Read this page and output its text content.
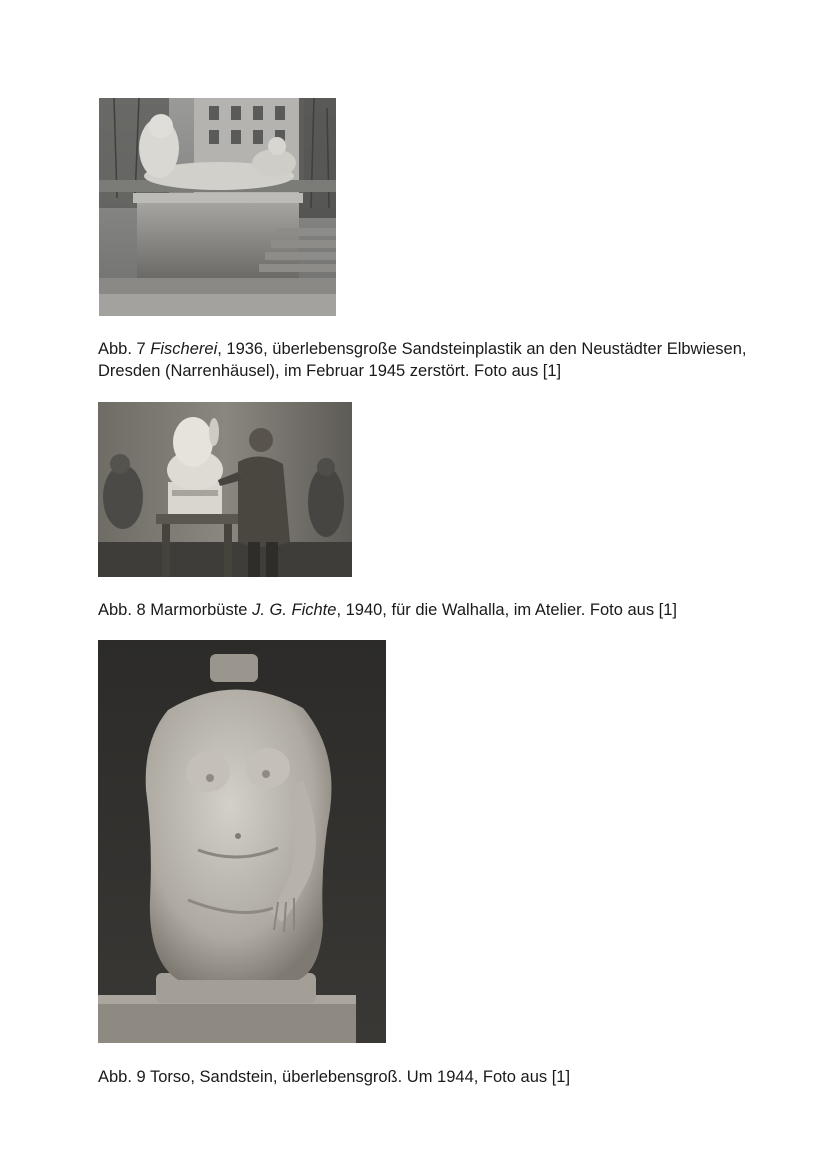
Abb. 7 Fischerei, 1936, überlebensgroße Sandsteinplastik an den Neustädter Elbwiesen, Dresden (Narrenhäusel), im Februar 1945 zerstört. Foto aus [1]

Abb. 8 Marmorbüste J. G. Fichte, 1940, für die Walhalla, im Atelier. Foto aus [1]

Abb. 9 Torso, Sandstein, überlebensgroß. Um 1944, Foto aus [1]
